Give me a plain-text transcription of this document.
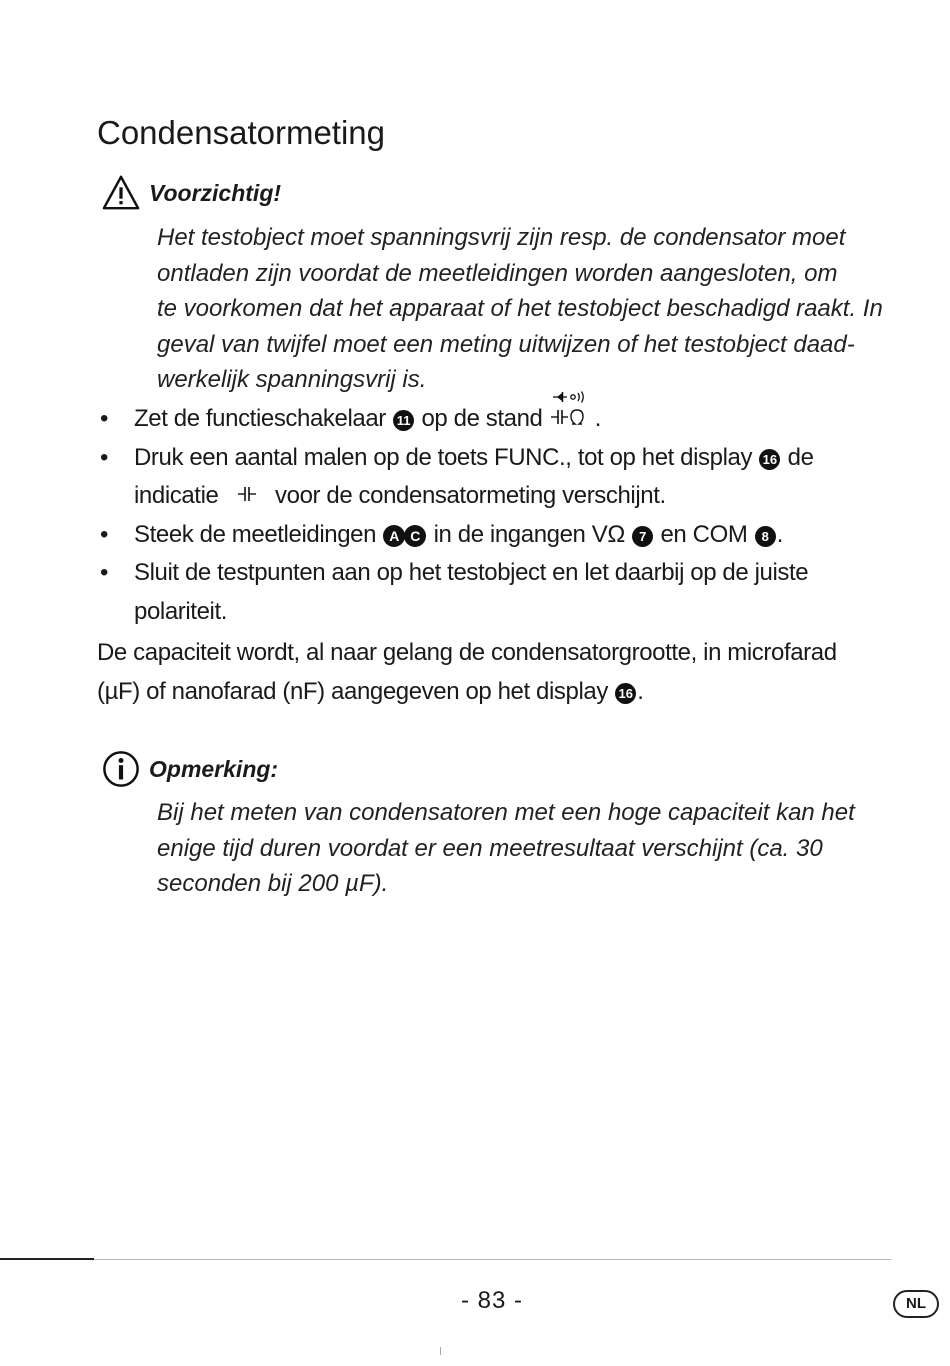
Condensatormeting
Voorzichtig!

Het testobject moet spanningsvrij zijn resp. de condensator moet

ontladen zijn voordat de meetleidingen worden aangesloten, om

te voorkomen dat het apparaat of het testobject beschadigd raakt. In

geval van twijfel moet een meting uitwijzen of het testobject daad-

werkelijk spanningsvrij is.

• Zet de functieschakelaar 11 op de stand .
• Druk een aantal malen op de toets FUNC., tot op het display 16 de
indicatie voor de condensatormeting verschijnt.
• Steek de meetleidingen A C in de ingangen VΩ 7 en COM 8 .
• Sluit de testpunten aan op het testobject en let daarbij op de juiste
polariteit.
De capaciteit wordt, al naar gelang de condensatorgrootte, in microfarad
(µF) of nanofarad (nF) aangegeven op het display 16 .
Opmerking:

Bij het meten van condensatoren met een hoge capaciteit kan het

enige tijd duren voordat er een meetresultaat verschijnt (ca. 30

seconden bij 200 µF).

- 83 -	NL
